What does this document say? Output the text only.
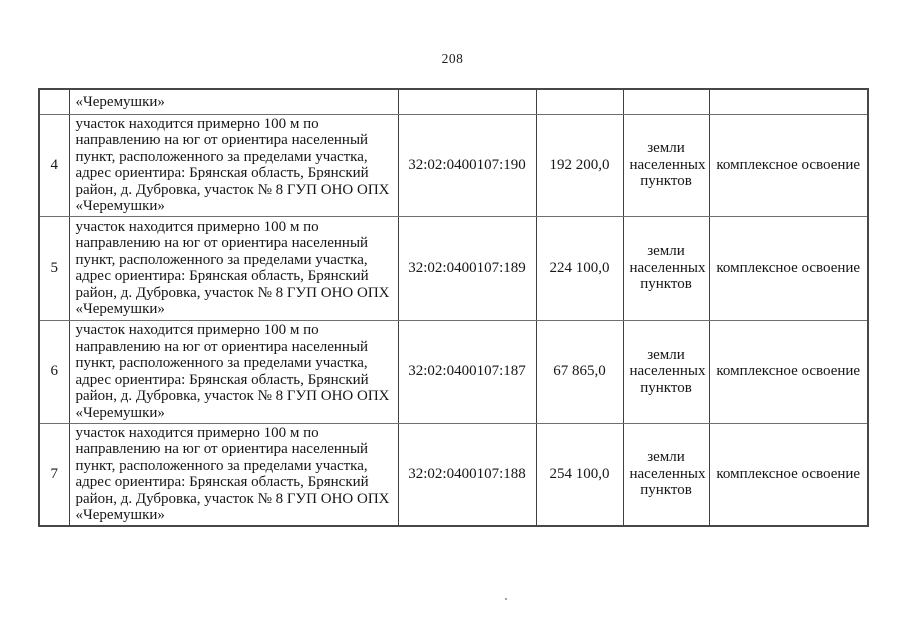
208
	«Черемушки»				
4	участок находится примерно 100 м по направлению на юг от ориентира населенный пункт, расположенного за пределами участка, адрес ориентира: Брянская область, Брянский район, д. Дубровка, участок № 8 ГУП ОНО ОПХ «Черемушки»	32:02:0400107:190	192 200,0	земли населенных пунктов	комплексное освоение
5	участок находится примерно 100 м по направлению на юг от ориентира населенный пункт, расположенного за пределами участка, адрес ориентира: Брянская область, Брянский район, д. Дубровка, участок № 8 ГУП ОНО ОПХ «Черемушки»	32:02:0400107:189	224 100,0	земли населенных пунктов	комплексное освоение
6	участок находится примерно 100 м по направлению на юг от ориентира населенный пункт, расположенного за пределами участка, адрес ориентира: Брянская область, Брянский район, д. Дубровка, участок № 8 ГУП ОНО ОПХ «Черемушки»	32:02:0400107:187	67 865,0	земли населенных пунктов	комплексное освоение
7	участок находится примерно 100 м по направлению на юг от ориентира населенный пункт, расположенного за пределами участка, адрес ориентира: Брянская область, Брянский район, д. Дубровка, участок № 8 ГУП ОНО ОПХ «Черемушки»	32:02:0400107:188	254 100,0	земли населенных пунктов	комплексное освоение
